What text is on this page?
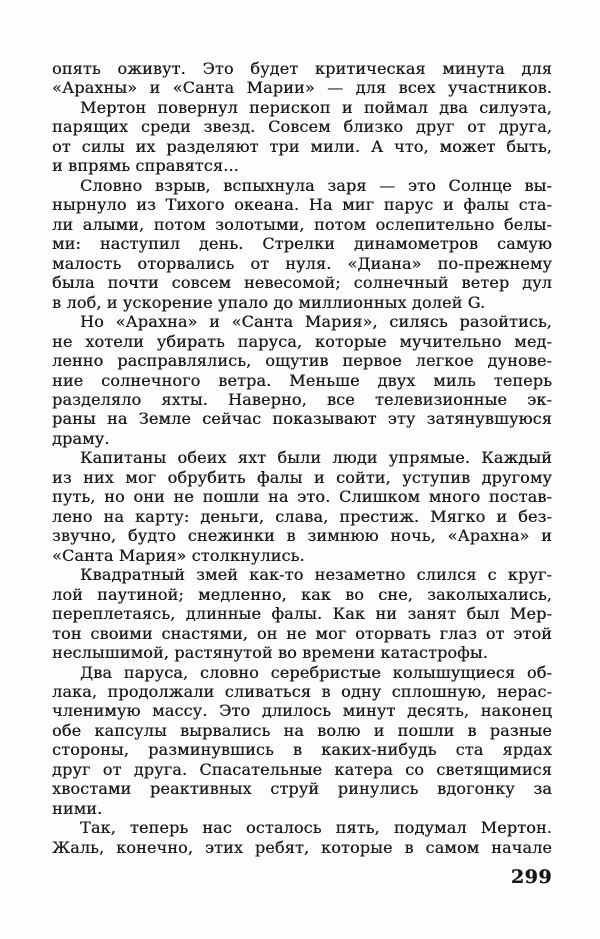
опять оживут. Это будет критическая минута для
«Арахны» и «Санта Марии» — для всех участников.
Мертон повернул перископ и поймал два силуэта,
парящих среди звезд. Совсем близко друг от друга,
от силы их разделяют три мили. А что, может быть,
и впрямь справятся...
Словно взрыв, вспыхнула заря — это Солнце вы-
нырнуло из Тихого океана. На миг парус и фалы ста-
ли алыми, потом золотыми, потом ослепительно белы-
ми: наступил день. Стрелки динамометров самую
малость оторвались от нуля. «Диана» по-прежнему
была почти совсем невесомой; солнечный ветер дул
в лоб, и ускорение упало до миллионных долей G.
Но «Арахна» и «Санта Мария», силясь разойтись,
не хотели убирать паруса, которые мучительно мед-
ленно расправлялись, ощутив первое легкое дунове-
ние солнечного ветра. Меньше двух миль теперь
разделяло яхты. Наверно, все телевизионные эк-
раны на Земле сейчас показывают эту затянувшуюся
драму.
Капитаны обеих яхт были люди упрямые. Каждый
из них мог обрубить фалы и сойти, уступив другому
путь, но они не пошли на это. Слишком много постав-
лено на карту: деньги, слава, престиж. Мягко и без-
звучно, будто снежинки в зимнюю ночь, «Арахна» и
«Санта Мария» столкнулись.
Квадратный змей как-то незаметно слился с круг-
лой паутиной; медленно, как во сне, заколыхались,
переплетаясь, длинные фалы. Как ни занят был Мер-
тон своими снастями, он не мог оторвать глаз от этой
неслышимой, растянутой во времени катастрофы.
Два паруса, словно серебристые колышущиеся об-
лака, продолжали сливаться в одну сплошную, нерас-
членимую массу. Это длилось минут десять, наконец
обе капсулы вырвались на волю и пошли в разные
стороны, разминувшись в каких-нибудь ста ярдах
друг от друга. Спасательные катера со светящимися
хвостами реактивных струй ринулись вдогонку за
ними.
Так, теперь нас осталось пять, подумал Мертон.
Жаль, конечно, этих ребят, которые в самом начале
299
